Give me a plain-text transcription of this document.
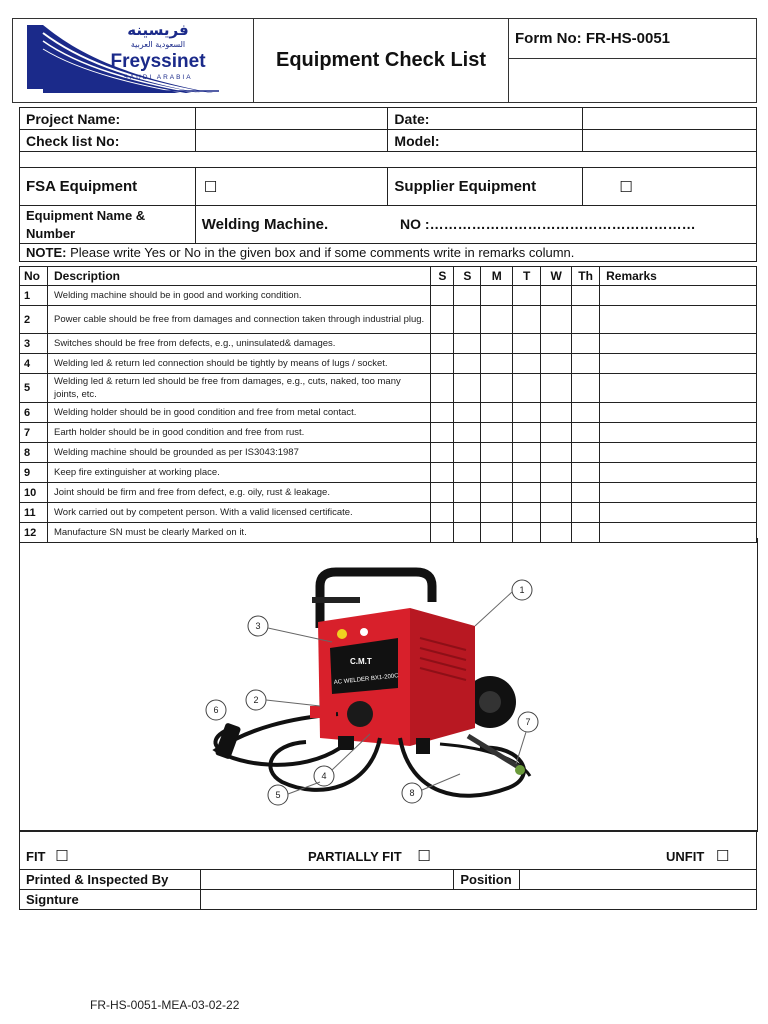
فريسينه
السعودية العربية
Freyssinet
SAUDI ARABIA
	Equipment Check List	Form No: FR-HS-0051

Project Name:		Date:	
Check list No:		Model:	

FSA Equipment	☐	Supplier Equipment	☐
Equipment Name & Number	Welding Machine. NO :…………………………………………………		
NOTE: Please write Yes or No in the given box and if some comments write in remarks column.			
No	Description	S	S	M	T	W	Th	Remarks
1	Welding machine should be in good and working condition.							
2	Power cable should be free from damages and connection taken through industrial plug.							
3	Switches should be free from defects, e.g., uninsulated& damages.							
4	Welding led & return led connection should be tightly by means of lugs / socket.							
5	Welding led & return led should be free from damages, e.g., cuts, naked, too many joints, etc.							
6	Welding holder should be in good condition and free from metal contact.							
7	Earth holder should be in good condition and free from rust.							
8	Welding machine should be grounded as per IS3043:1987							
9	Keep fire extinguisher at working place.							
10	Joint should be firm and free from defect, e.g. oily, rust & leakage.							
11	Work carried out by competent person. With a valid licensed certificate.							
12	Manufacture SN must be clearly Marked on it.							
C.M.T
AC WELDER BX1-200C
1
2
3
4
5
6
7
8
FIT ☐ PARTIALLY FIT ☐ UNFIT ☐			

Printed & Inspected By		Position	
Signture			
FR-HS-0051-MEA-03-02-22
